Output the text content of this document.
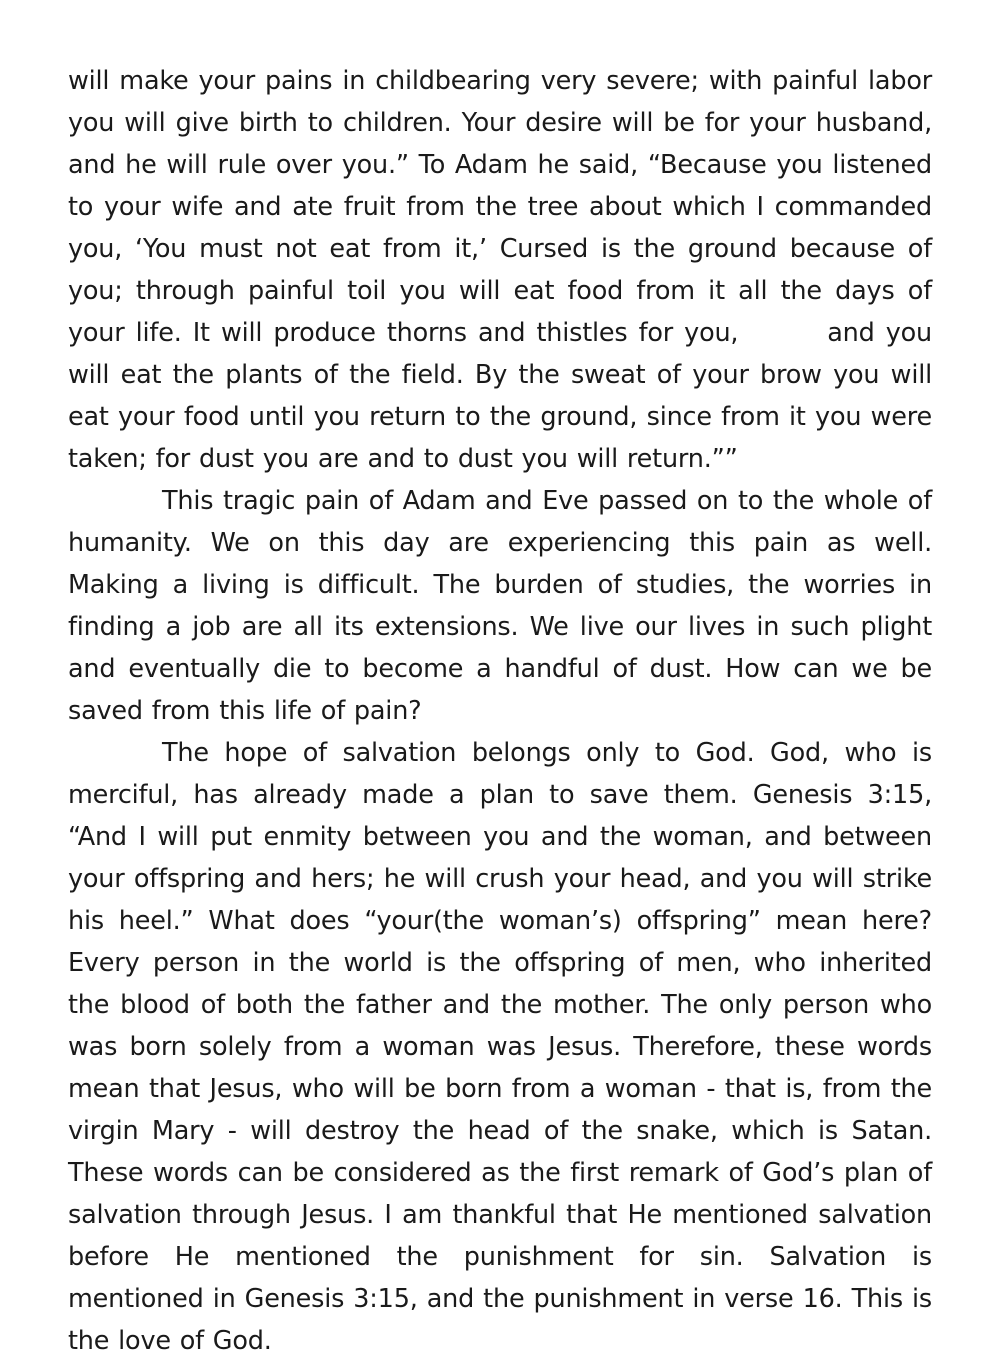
will make your pains in childbearing very severe; with painful labor you will give birth to children. Your desire will be for your husband, and he will rule over you.” To Adam he said, “Because you listened to your wife and ate fruit from the tree about which I commanded you, ‘You must not eat from it,’ Cursed is the ground because of you; through painful toil you will eat food from it all the days of your life. It will produce thorns and thistles for you,        and you will eat the plants of the field. By the sweat of your brow you will eat your food until you return to the ground, since from it you were taken; for dust you are and to dust you will return.””

This tragic pain of Adam and Eve passed on to the whole of humanity. We on this day are experiencing this pain as well. Making a living is difficult. The burden of studies, the worries in finding a job are all its extensions. We live our lives in such plight and eventually die to become a handful of dust. How can we be saved from this life of pain?

The hope of salvation belongs only to God. God, who is merciful, has already made a plan to save them. Genesis 3:15, “And I will put enmity between you and the woman, and between your offspring and hers; he will crush your head, and you will strike his heel.” What does “your(the woman’s) offspring” mean here? Every person in the world is the offspring of men, who inherited the blood of both the father and the mother. The only person who was born solely from a woman was Jesus. Therefore, these words mean that Jesus, who will be born from a woman - that is, from the virgin Mary - will destroy the head of the snake, which is Satan. These words can be considered as the first remark of God’s plan of salvation through Jesus. I am thankful that He mentioned salvation before He mentioned the punishment for sin. Salvation is mentioned in Genesis 3:15, and the punishment in verse 16. This is the love of God.
